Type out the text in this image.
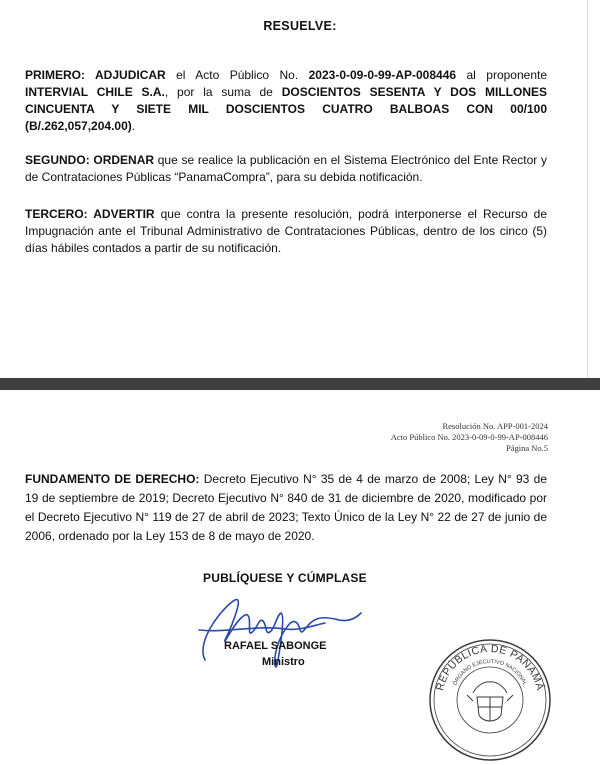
RESUELVE:
PRIMERO: ADJUDICAR el Acto Público No. 2023-0-09-0-99-AP-008446 al proponente INTERVIAL CHILE S.A., por la suma de DOSCIENTOS SESENTA Y DOS MILLONES CINCUENTA Y SIETE MIL DOSCIENTOS CUATRO BALBOAS CON 00/100 (B/.262,057,204.00).
SEGUNDO: ORDENAR que se realice la publicación en el Sistema Electrónico del Ente Rector y de Contrataciones Públicas “PanamaCompra”, para su debida notificación.
TERCERO: ADVERTIR que contra la presente resolución, podrá interponerse el Recurso de Impugnación ante el Tribunal Administrativo de Contrataciones Públicas, dentro de los cinco (5) días hábiles contados a partir de su notificación.
Resolución No. APP-001-2024
Acto Público No. 2023-0-09-0-99-AP-008446
Página No.5
FUNDAMENTO DE DERECHO: Decreto Ejecutivo N° 35 de 4 de marzo de 2008; Ley N° 93 de 19 de septiembre de 2019; Decreto Ejecutivo N° 840 de 31 de diciembre de 2020, modificado por el Decreto Ejecutivo N° 119 de 27 de abril de 2023; Texto Único de la Ley N° 22 de 27 de junio de 2006, ordenado por la Ley 153 de 8 de mayo de 2020.
PUBLÍQUESE Y CÚMPLASE
RAFAEL SABONGE
Ministro
REPÚBLICA DE PANAMÁ
ÓRGANO EJECUTIVO NACIONAL
